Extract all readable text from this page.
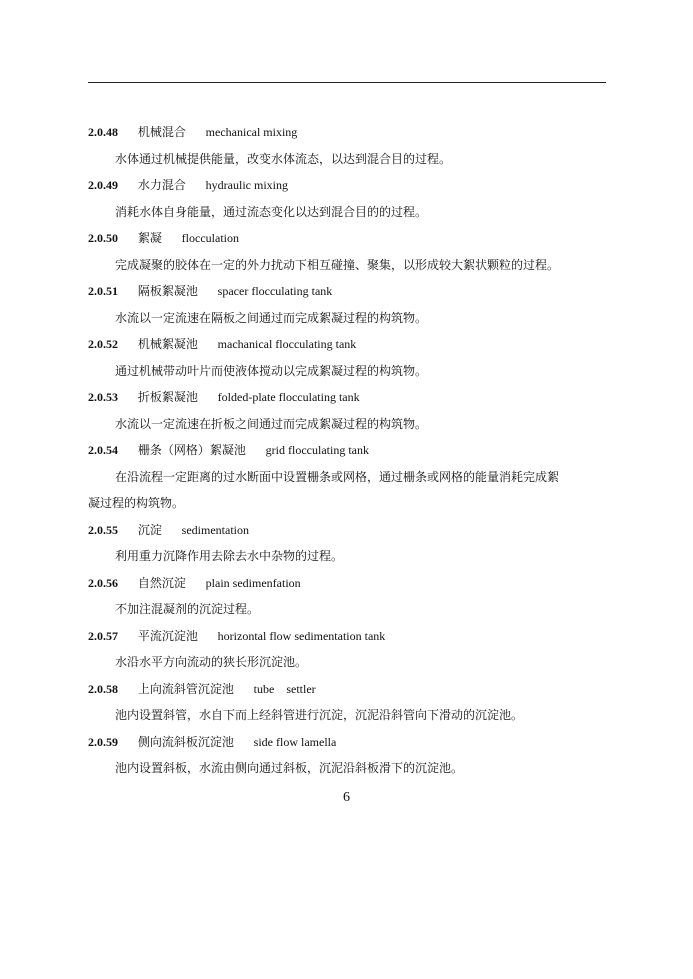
2.0.48 机械混合 mechanical mixing

水体通过机械提供能量，改变水体流态，以达到混合目的过程。

2.0.49 水力混合 hydraulic mixing

消耗水体自身能量，通过流态变化以达到混合目的的过程。

2.0.50 絮凝 flocculation

完成凝聚的胶体在一定的外力扰动下相互碰撞、聚集，以形成较大絮状颗粒的过程。

2.0.51 隔板絮凝池 spacer flocculating tank

水流以一定流速在隔板之间通过而完成絮凝过程的构筑物。

2.0.52 机械絮凝池 machanical flocculating tank

通过机械带动叶片而使液体搅动以完成絮凝过程的构筑物。

2.0.53 折板絮凝池 folded-plate flocculating tank

水流以一定流速在折板之间通过而完成絮凝过程的构筑物。

2.0.54 栅条（网格）絮凝池 grid flocculating tank

在沿流程一定距离的过水断面中设置栅条或网格，通过栅条或网格的能量消耗完成絮

凝过程的构筑物。

2.0.55 沉淀 sedimentation

利用重力沉降作用去除去水中杂物的过程。

2.0.56 自然沉淀 plain sedimenfation

不加注混凝剂的沉淀过程。

2.0.57 平流沉淀池 horizontal flow sedimentation tank

水沿水平方向流动的狭长形沉淀池。

2.0.58 上向流斜管沉淀池 tube    settler

池内设置斜管，水自下而上经斜管进行沉淀，沉泥沿斜管向下滑动的沉淀池。

2.0.59 侧向流斜板沉淀池 side flow lamella

池内设置斜板，水流由侧向通过斜板，沉泥沿斜板滑下的沉淀池。

6
